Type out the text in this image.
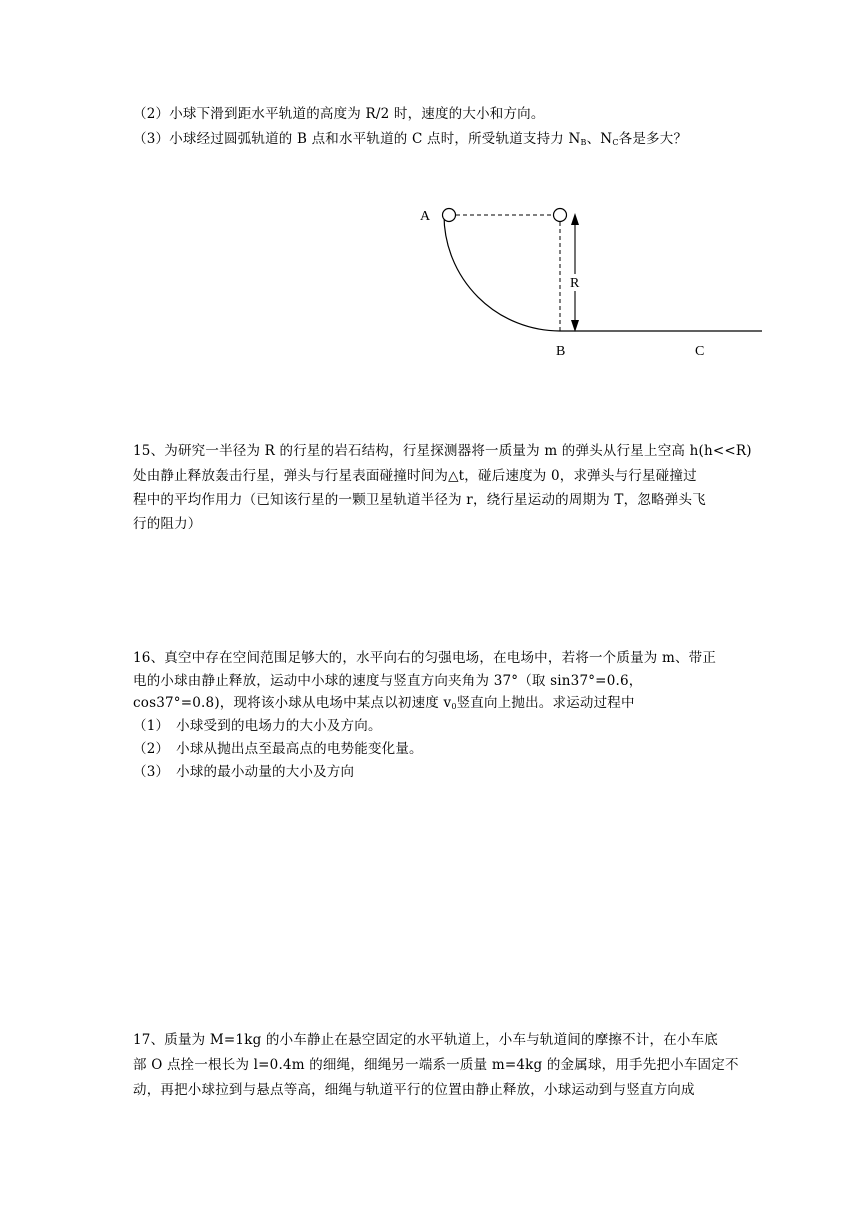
（2）小球下滑到距水平轨道的高度为 R/2 时，速度的大小和方向。
（3）小球经过圆弧轨道的 B 点和水平轨道的 C 点时，所受轨道支持力 $N_B$、$N_C$各是多大？
A
R
B	C
15、为研究一半径为 R 的行星的岩石结构，行星探测器将一质量为 m 的弹头从行星上空高 h(h<<R)
处由静止释放轰击行星，弹头与行星表面碰撞时间为△t，碰后速度为 0，求弹头与行星碰撞过
程中的平均作用力（已知该行星的一颗卫星轨道半径为 r，绕行星运动的周期为 T，忽略弹头飞
行的阻力）
16、真空中存在空间范围足够大的，水平向右的匀强电场，在电场中，若将一个质量为 m、带正
电的小球由静止释放，运动中小球的速度与竖直方向夹角为 37°（取 sin37°=0.6，
cos37°=0.8)，现将该小球从电场中某点以初速度 $v_0$竖直向上抛出。求运动过程中
（1）　小球受到的电场力的大小及方向。
（2）　小球从抛出点至最高点的电势能变化量。
（3）　小球的最小动量的大小及方向
17、质量为 M=1kg 的小车静止在悬空固定的水平轨道上，小车与轨道间的摩擦不计，在小车底
部 O 点拴一根长为 l=0.4m 的细绳，细绳另一端系一质量 m=4kg 的金属球，用手先把小车固定不
动，再把小球拉到与悬点等高，细绳与轨道平行的位置由静止释放，小球运动到与竖直方向成
